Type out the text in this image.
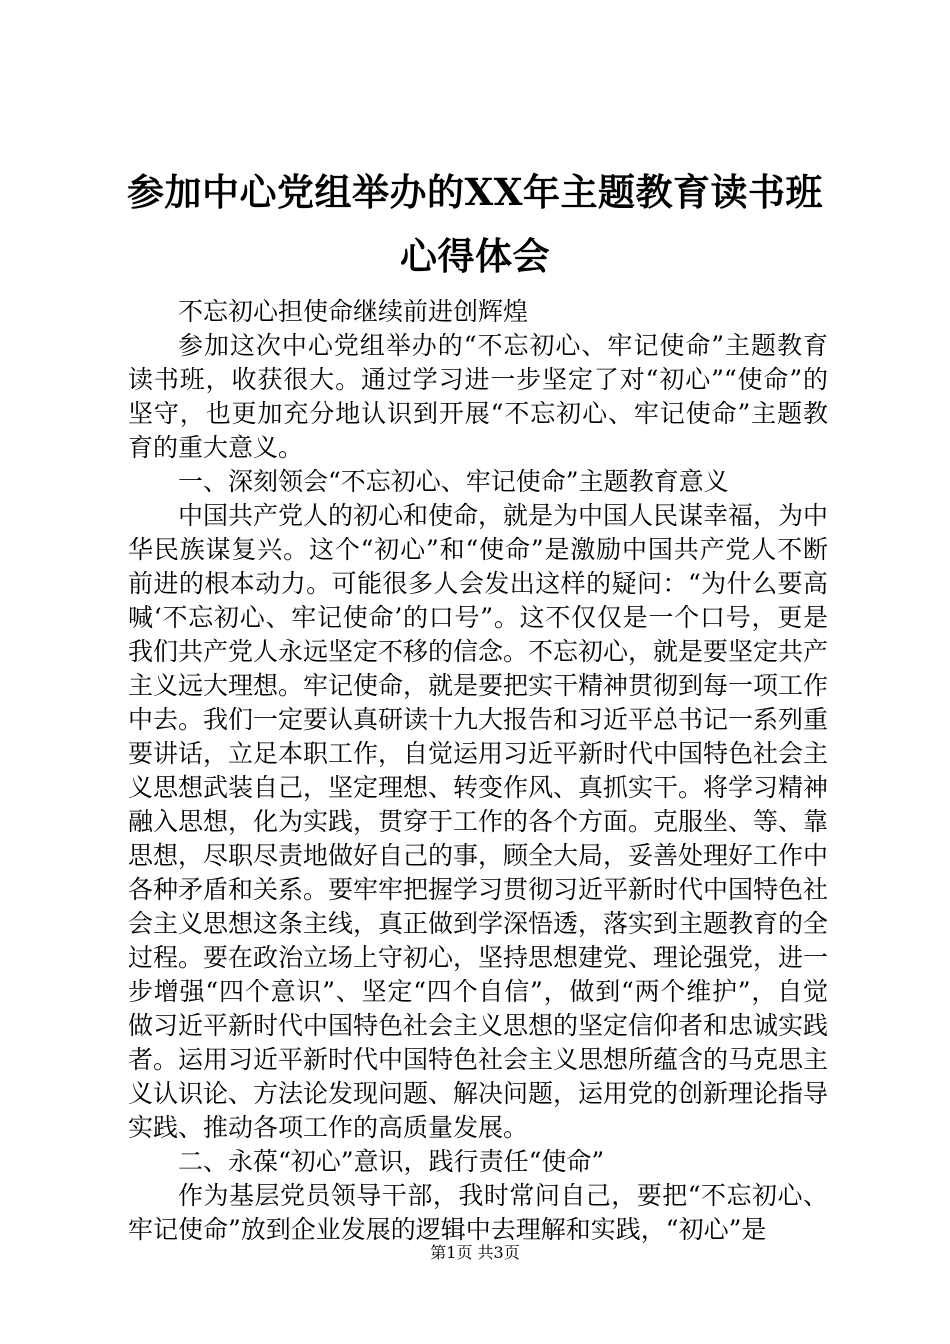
参加中心党组举办的XX年主题教育读书班心得体会

不忘初心担使命继续前进创辉煌

参加这次中心党组举办的“不忘初心、牢记使命”主题教育读书班，收获很大。通过学习进一步坚定了对“初心”“使命”的坚守，也更加充分地认识到开展“不忘初心、牢记使命”主题教育的重大意义。

一、深刻领会“不忘初心、牢记使命”主题教育意义

中国共产党人的初心和使命，就是为中国人民谋幸福，为中华民族谋复兴。这个“初心”和“使命”是激励中国共产党人不断前进的根本动力。可能很多人会发出这样的疑问：“为什么要高喊‘不忘初心、牢记使命’的口号”。这不仅仅是一个口号，更是我们共产党人永远坚定不移的信念。不忘初心，就是要坚定共产主义远大理想。牢记使命，就是要把实干精神贯彻到每一项工作中去。我们一定要认真研读十九大报告和习近平总书记一系列重要讲话，立足本职工作，自觉运用习近平新时代中国特色社会主义思想武装自己，坚定理想、转变作风、真抓实干。将学习精神融入思想，化为实践，贯穿于工作的各个方面。克服坐、等、靠思想，尽职尽责地做好自己的事，顾全大局，妥善处理好工作中各种矛盾和关系。要牢牢把握学习贯彻习近平新时代中国特色社会主义思想这条主线，真正做到学深悟透，落实到主题教育的全过程。要在政治立场上守初心，坚持思想建党、理论强党，进一步增强“四个意识”、坚定“四个自信”，做到“两个维护”，自觉做习近平新时代中国特色社会主义思想的坚定信仰者和忠诚实践者。运用习近平新时代中国特色社会主义思想所蕴含的马克思主义认识论、方法论发现问题、解决问题，运用党的创新理论指导实践、推动各项工作的高质量发展。

二、永葆“初心”意识，践行责任“使命”

作为基层党员领导干部，我时常问自己，要把“不忘初心、牢记使命”放到企业发展的逻辑中去理解和实践，“初心”是

第1页 共3页
